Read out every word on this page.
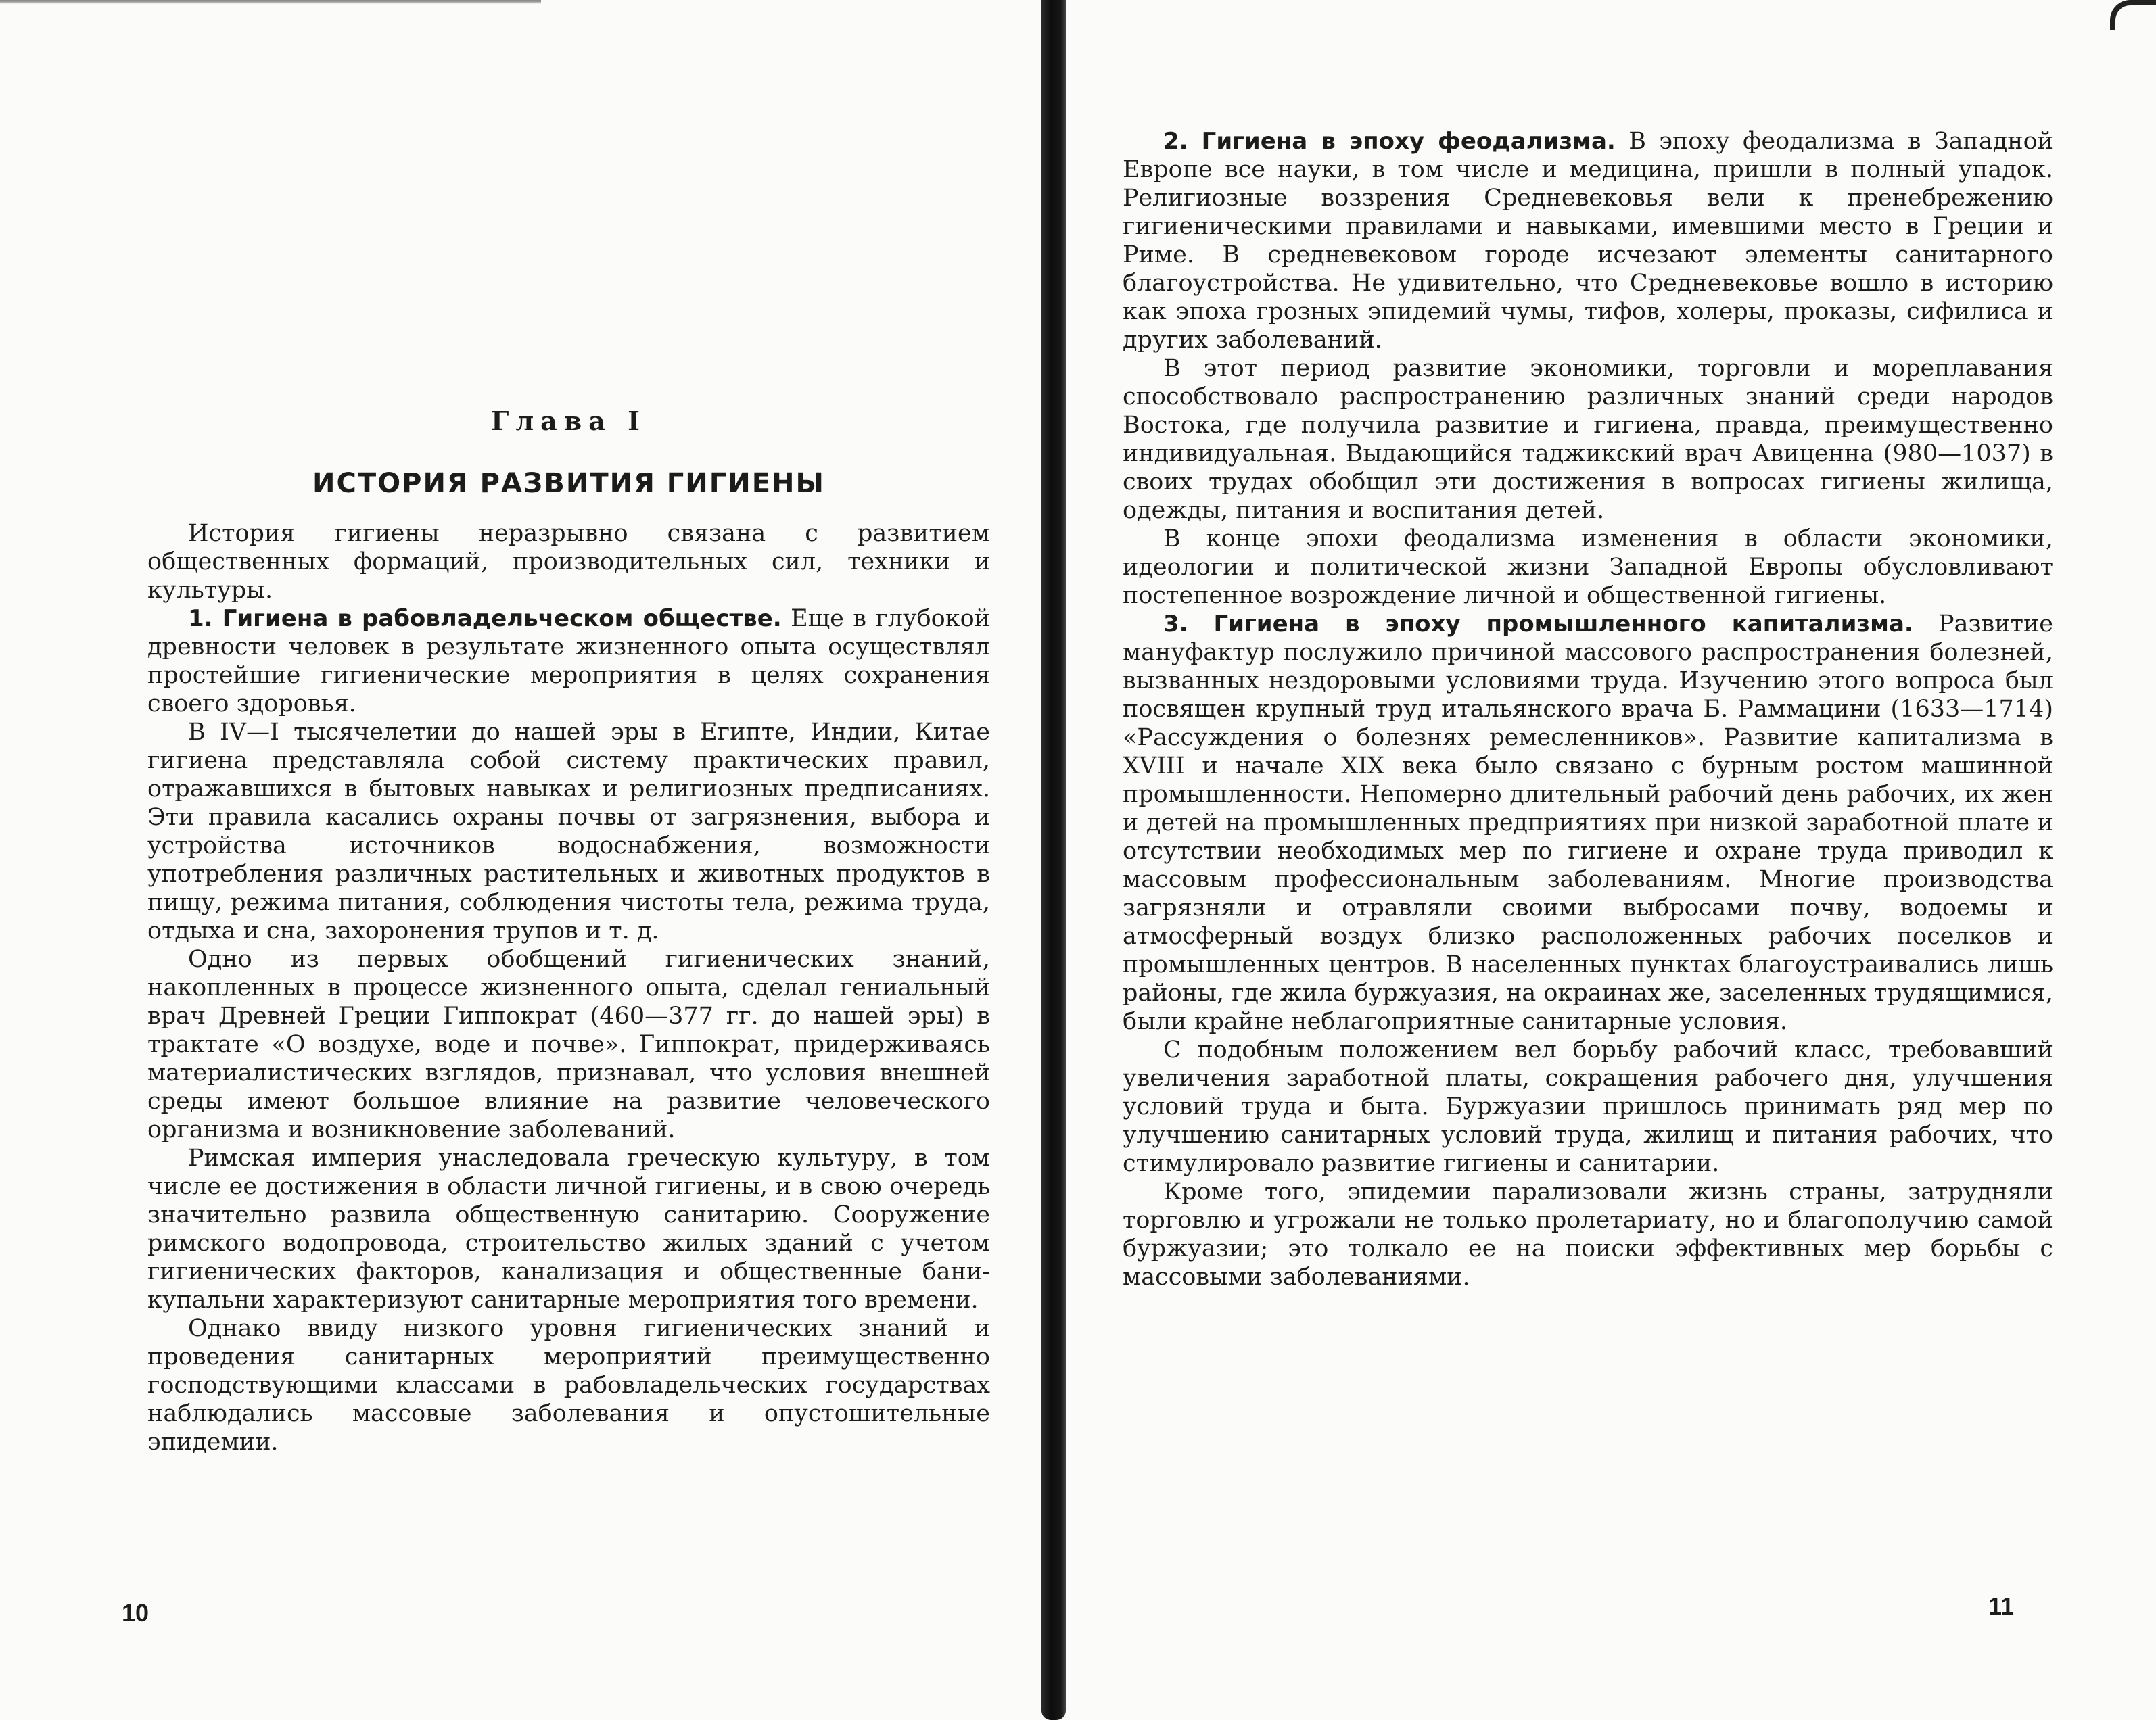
Глава I
ИСТОРИЯ РАЗВИТИЯ ГИГИЕНЫ

История гигиены неразрывно связана с развитием общественных формаций, производительных сил, техники и культуры.

1. Гигиена в рабовладельческом обществе. Еще в глубокой древности человек в результате жизненного опыта осуществлял простейшие гигиенические мероприятия в целях сохранения своего здоровья.

В IV—I тысячелетии до нашей эры в Египте, Индии, Китае гигиена представляла собой систему практических правил, отражавшихся в бытовых навыках и религиозных предписаниях. Эти правила касались охраны почвы от загрязнения, выбора и устройства источников водоснабжения, возможности употребления различных растительных и животных продуктов в пищу, режима питания, соблюдения чистоты тела, режима труда, отдыха и сна, захоронения трупов и т. д.

Одно из первых обобщений гигиенических знаний, накопленных в процессе жизненного опыта, сделал гениальный врач Древней Греции Гиппократ (460—377 гг. до нашей эры) в трактате «О воздухе, воде и почве». Гиппократ, придерживаясь материалистических взглядов, признавал, что условия внешней среды имеют большое влияние на развитие человеческого организма и возникновение заболеваний.

Римская империя унаследовала греческую культуру, в том числе ее достижения в области личной гигиены, и в свою очередь значительно развила общественную санитарию. Сооружение римского водопровода, строительство жилых зданий с учетом гигиенических факторов, канализация и общественные бани-купальни характеризуют санитарные мероприятия того времени.

Однако ввиду низкого уровня гигиенических знаний и проведения санитарных мероприятий преимущественно господствующими классами в рабовладельческих государствах наблюдались массовые заболевания и опустошительные эпидемии.

10

2. Гигиена в эпоху феодализма. В эпоху феодализма в Западной Европе все науки, в том числе и медицина, пришли в полный упадок. Религиозные воззрения Средневековья вели к пренебрежению гигиеническими правилами и навыками, имевшими место в Греции и Риме. В средневековом городе исчезают элементы санитарного благоустройства. Не удивительно, что Средневековье вошло в историю как эпоха грозных эпидемий чумы, тифов, холеры, проказы, сифилиса и других заболеваний.

В этот период развитие экономики, торговли и мореплавания способствовало распространению различных знаний среди народов Востока, где получила развитие и гигиена, правда, преимущественно индивидуальная. Выдающийся таджикский врач Авиценна (980—1037) в своих трудах обобщил эти достижения в вопросах гигиены жилища, одежды, питания и воспитания детей.

В конце эпохи феодализма изменения в области экономики, идеологии и политической жизни Западной Европы обусловливают постепенное возрождение личной и общественной гигиены.

3. Гигиена в эпоху промышленного капитализма. Развитие мануфактур послужило причиной массового распространения болезней, вызванных нездоровыми условиями труда. Изучению этого вопроса был посвящен крупный труд итальянского врача Б. Раммацини (1633—1714) «Рассуждения о болезнях ремесленников». Развитие капитализма в XVIII и начале XIX века было связано с бурным ростом машинной промышленности. Непомерно длительный рабочий день рабочих, их жен и детей на промышленных предприятиях при низкой заработной плате и отсутствии необходимых мер по гигиене и охране труда приводил к массовым профессиональным заболеваниям. Многие производства загрязняли и отравляли своими выбросами почву, водоемы и атмосферный воздух близко расположенных рабочих поселков и промышленных центров. В населенных пунктах благоустраивались лишь районы, где жила буржуазия, на окраинах же, заселенных трудящимися, были крайне неблагоприятные санитарные условия.

С подобным положением вел борьбу рабочий класс, требовавший увеличения заработной платы, сокращения рабочего дня, улучшения условий труда и быта. Буржуазии пришлось принимать ряд мер по улучшению санитарных условий труда, жилищ и питания рабочих, что стимулировало развитие гигиены и санитарии.

Кроме того, эпидемии парализовали жизнь страны, затрудняли торговлю и угрожали не только пролетариату, но и благополучию самой буржуазии; это толкало ее на поиски эффективных мер борьбы с массовыми заболеваниями.

11
